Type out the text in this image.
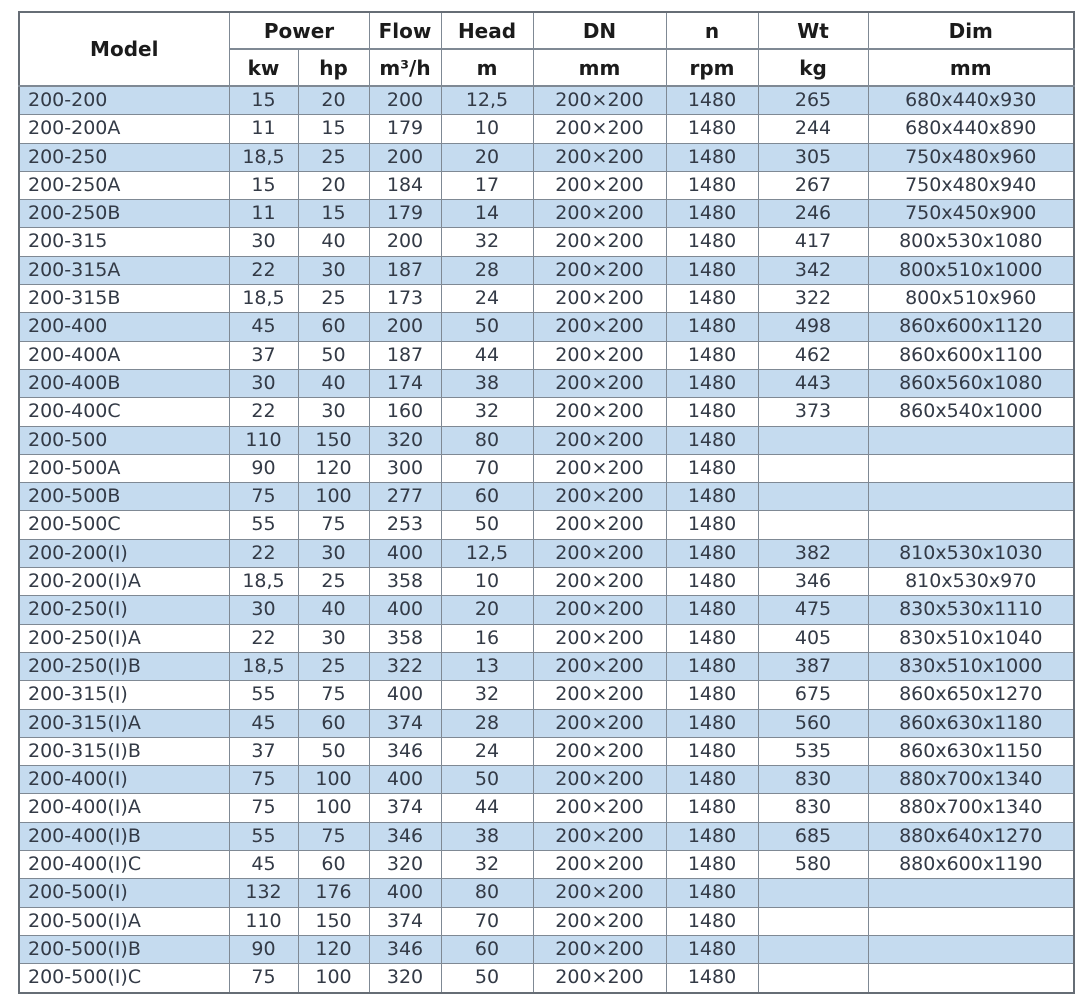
Model	Power		Flow	Head	DN	n	Wt	Dim
	kw	hp	m³/h	m	mm	rpm	kg	mm
200-200	15	20	200	12,5	200×200	1480	265	680x440x930
200-200A	11	15	179	10	200×200	1480	244	680x440x890
200-250	18,5	25	200	20	200×200	1480	305	750x480x960
200-250A	15	20	184	17	200×200	1480	267	750x480x940
200-250B	11	15	179	14	200×200	1480	246	750x450x900
200-315	30	40	200	32	200×200	1480	417	800x530x1080
200-315A	22	30	187	28	200×200	1480	342	800x510x1000
200-315B	18,5	25	173	24	200×200	1480	322	800x510x960
200-400	45	60	200	50	200×200	1480	498	860x600x1120
200-400A	37	50	187	44	200×200	1480	462	860x600x1100
200-400B	30	40	174	38	200×200	1480	443	860x560x1080
200-400C	22	30	160	32	200×200	1480	373	860x540x1000
200-500	110	150	320	80	200×200	1480		
200-500A	90	120	300	70	200×200	1480		
200-500B	75	100	277	60	200×200	1480		
200-500C	55	75	253	50	200×200	1480		
200-200(I)	22	30	400	12,5	200×200	1480	382	810x530x1030
200-200(I)A	18,5	25	358	10	200×200	1480	346	810x530x970
200-250(I)	30	40	400	20	200×200	1480	475	830x530x1110
200-250(I)A	22	30	358	16	200×200	1480	405	830x510x1040
200-250(I)B	18,5	25	322	13	200×200	1480	387	830x510x1000
200-315(I)	55	75	400	32	200×200	1480	675	860x650x1270
200-315(I)A	45	60	374	28	200×200	1480	560	860x630x1180
200-315(I)B	37	50	346	24	200×200	1480	535	860x630x1150
200-400(I)	75	100	400	50	200×200	1480	830	880x700x1340
200-400(I)A	75	100	374	44	200×200	1480	830	880x700x1340
200-400(I)B	55	75	346	38	200×200	1480	685	880x640x1270
200-400(I)C	45	60	320	32	200×200	1480	580	880x600x1190
200-500(I)	132	176	400	80	200×200	1480		
200-500(I)A	110	150	374	70	200×200	1480		
200-500(I)B	90	120	346	60	200×200	1480		
200-500(I)C	75	100	320	50	200×200	1480		
